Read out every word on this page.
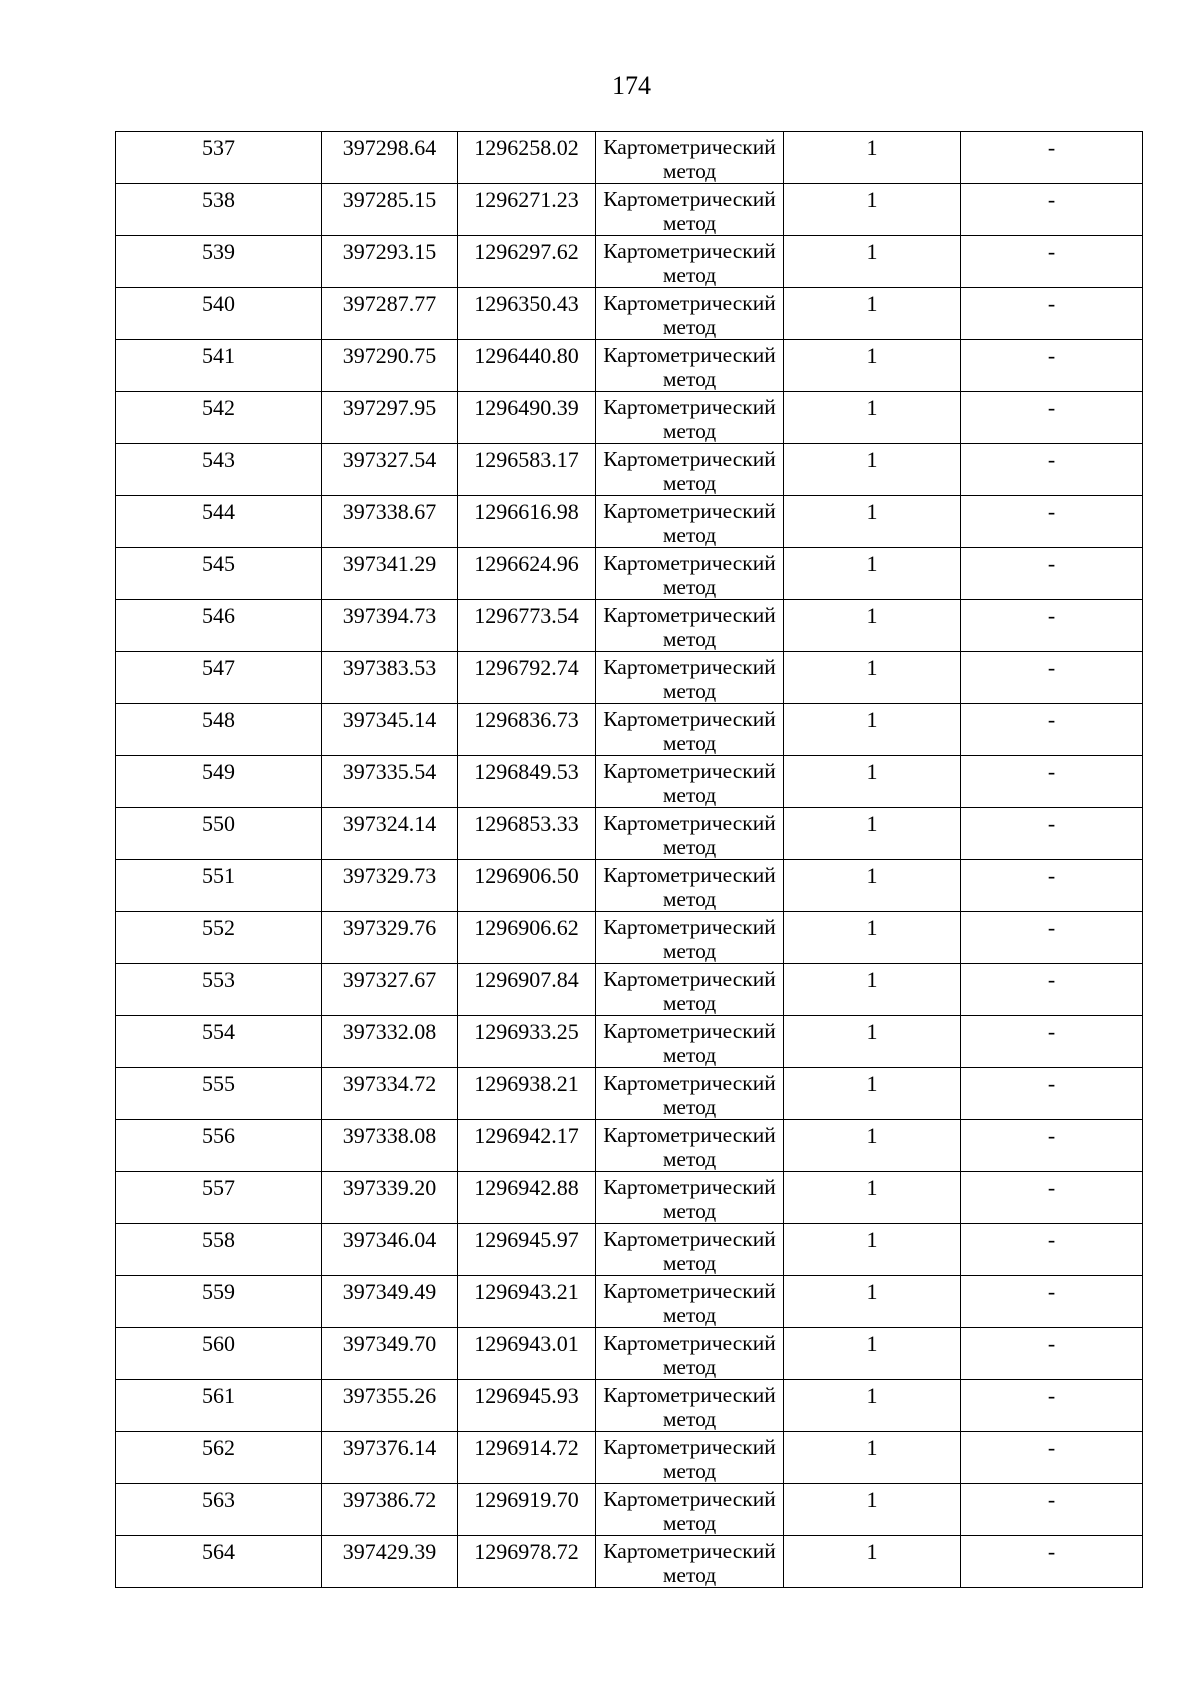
174
537	397298.64	1296258.02	Картометрический метод	1	-
538	397285.15	1296271.23	Картометрический метод	1	-
539	397293.15	1296297.62	Картометрический метод	1	-
540	397287.77	1296350.43	Картометрический метод	1	-
541	397290.75	1296440.80	Картометрический метод	1	-
542	397297.95	1296490.39	Картометрический метод	1	-
543	397327.54	1296583.17	Картометрический метод	1	-
544	397338.67	1296616.98	Картометрический метод	1	-
545	397341.29	1296624.96	Картометрический метод	1	-
546	397394.73	1296773.54	Картометрический метод	1	-
547	397383.53	1296792.74	Картометрический метод	1	-
548	397345.14	1296836.73	Картометрический метод	1	-
549	397335.54	1296849.53	Картометрический метод	1	-
550	397324.14	1296853.33	Картометрический метод	1	-
551	397329.73	1296906.50	Картометрический метод	1	-
552	397329.76	1296906.62	Картометрический метод	1	-
553	397327.67	1296907.84	Картометрический метод	1	-
554	397332.08	1296933.25	Картометрический метод	1	-
555	397334.72	1296938.21	Картометрический метод	1	-
556	397338.08	1296942.17	Картометрический метод	1	-
557	397339.20	1296942.88	Картометрический метод	1	-
558	397346.04	1296945.97	Картометрический метод	1	-
559	397349.49	1296943.21	Картометрический метод	1	-
560	397349.70	1296943.01	Картометрический метод	1	-
561	397355.26	1296945.93	Картометрический метод	1	-
562	397376.14	1296914.72	Картометрический метод	1	-
563	397386.72	1296919.70	Картометрический метод	1	-
564	397429.39	1296978.72	Картометрический метод	1	-
